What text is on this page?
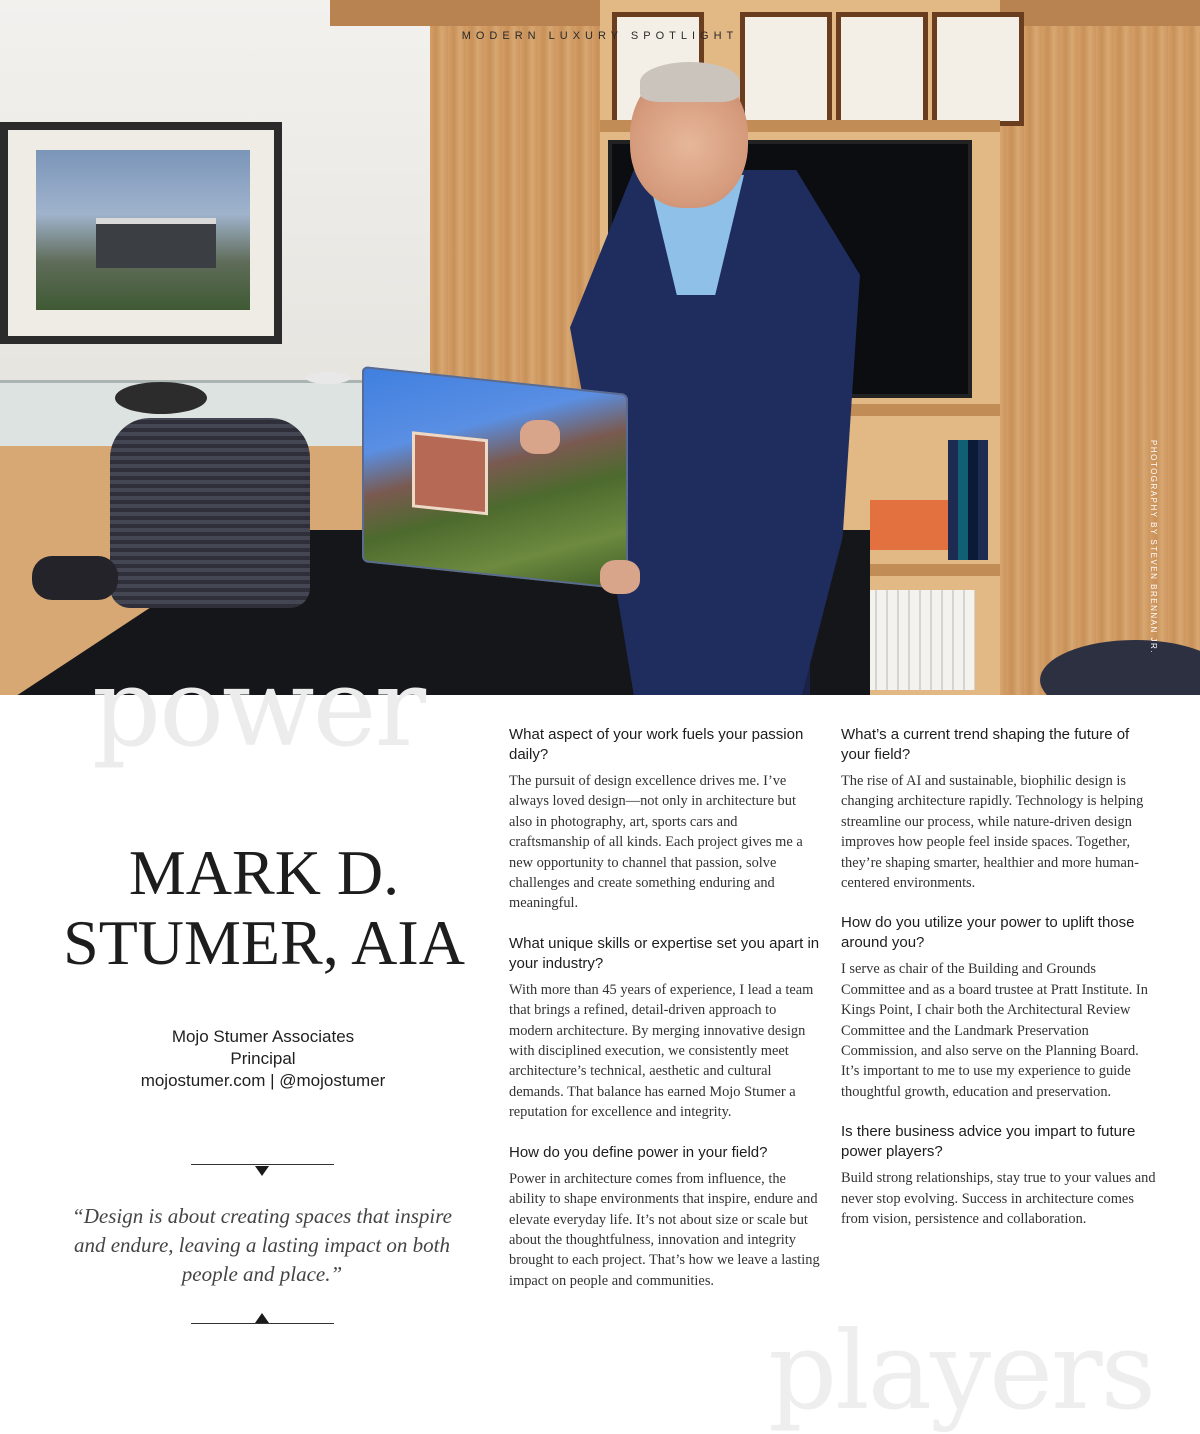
MODERN LUXURY SPOTLIGHT
PHOTOGRAPHY BY STEVEN BRENNAN JR.
power
players
MARK D.
STUMER, AIA
Mojo Stumer Associates
Principal
mojostumer.com | @mojostumer
“Design is about creating spaces that inspire and endure, leaving a lasting impact on both people and place.”

What aspect of your work fuels your passion daily?

The pursuit of design excellence drives me. I’ve always loved design—not only in architecture but also in photography, art, sports cars and craftsmanship of all kinds. Each project gives me a new opportunity to channel that passion, solve challenges and create something enduring and meaningful.

What unique skills or expertise set you apart in your industry?

With more than 45 years of experience, I lead a team that brings a refined, detail-driven approach to modern architecture. By merging innovative design with disciplined execution, we consistently meet architecture’s technical, aesthetic and cultural demands. That balance has earned Mojo Stumer a reputation for excellence and integrity.

How do you define power in your field?

Power in architecture comes from influence, the ability to shape environments that inspire, endure and elevate everyday life. It’s not about size or scale but about the thoughtfulness, innovation and integrity brought to each project. That’s how we leave a lasting impact on people and communities.

What’s a current trend shaping the future of your field?

The rise of AI and sustainable, biophilic design is changing architecture rapidly. Technology is helping streamline our process, while nature-driven design improves how people feel inside spaces. Together, they’re shaping smarter, healthier and more human-centered environments.

How do you utilize your power to uplift those around you?

I serve as chair of the Building and Grounds Committee and as a board trustee at Pratt Institute. In Kings Point, I chair both the Architectural Review Committee and the Landmark Preservation Commission, and also serve on the Planning Board. It’s important to me to use my experience to guide thoughtful growth, education and preservation.

Is there business advice you impart to future power players?

Build strong relationships, stay true to your values and never stop evolving. Success in architecture comes from vision, persistence and collaboration.
